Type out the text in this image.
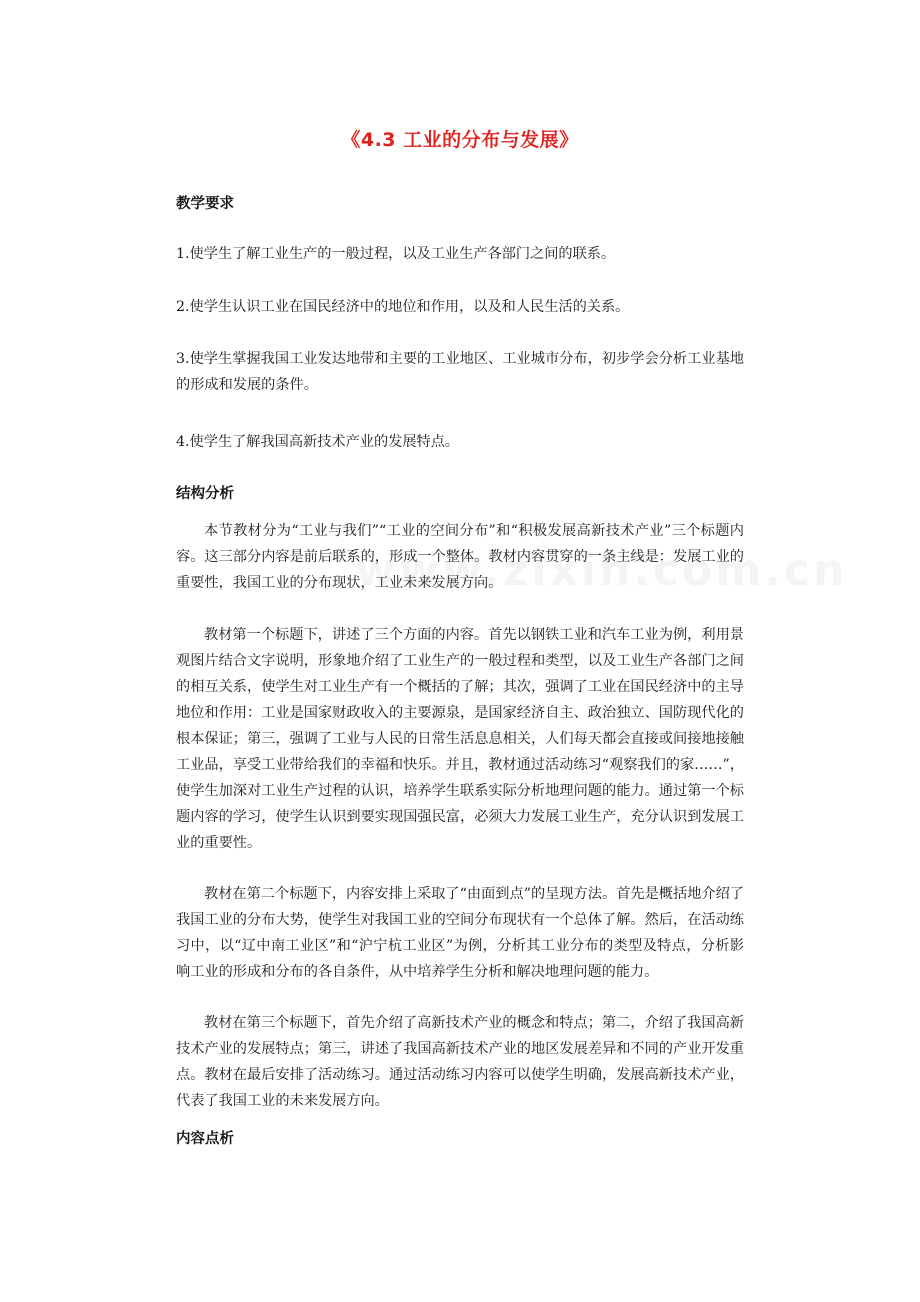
《4.3 工业的分布与发展》
教学要求
1.使学生了解工业生产的一般过程，以及工业生产各部门之间的联系。
2.使学生认识工业在国民经济中的地位和作用，以及和人民生活的关系。
3.使学生掌握我国工业发达地带和主要的工业地区、工业城市分布，初步学会分析工业基地的形成和发展的条件。
4.使学生了解我国高新技术产业的发展特点。
结构分析
本节教材分为“工业与我们”“工业的空间分布”和“积极发展高新技术产业”三个标题内容。这三部分内容是前后联系的，形成一个整体。教材内容贯穿的一条主线是：发展工业的重要性，我国工业的分布现状，工业未来发展方向。
教材第一个标题下，讲述了三个方面的内容。首先以钢铁工业和汽车工业为例，利用景观图片结合文字说明，形象地介绍了工业生产的一般过程和类型，以及工业生产各部门之间的相互关系，使学生对工业生产有一个概括的了解；其次，强调了工业在国民经济中的主导地位和作用：工业是国家财政收入的主要源泉，是国家经济自主、政治独立、国防现代化的根本保证；第三，强调了工业与人民的日常生活息息相关，人们每天都会直接或间接地接触工业品，享受工业带给我们的幸福和快乐。并且，教材通过活动练习“观察我们的家……”，使学生加深对工业生产过程的认识，培养学生联系实际分析地理问题的能力。通过第一个标题内容的学习，使学生认识到要实现国强民富，必须大力发展工业生产，充分认识到发展工业的重要性。
教材在第二个标题下，内容安排上采取了“由面到点”的呈现方法。首先是概括地介绍了我国工业的分布大势，使学生对我国工业的空间分布现状有一个总体了解。然后，在活动练习中，以“辽中南工业区”和“沪宁杭工业区”为例，分析其工业分布的类型及特点，分析影响工业的形成和分布的各自条件，从中培养学生分析和解决地理问题的能力。
教材在第三个标题下，首先介绍了高新技术产业的概念和特点；第二，介绍了我国高新技术产业的发展特点；第三，讲述了我国高新技术产业的地区发展差异和不同的产业开发重点。教材在最后安排了活动练习。通过活动练习内容可以使学生明确，发展高新技术产业，代表了我国工业的未来发展方向。
内容点析
